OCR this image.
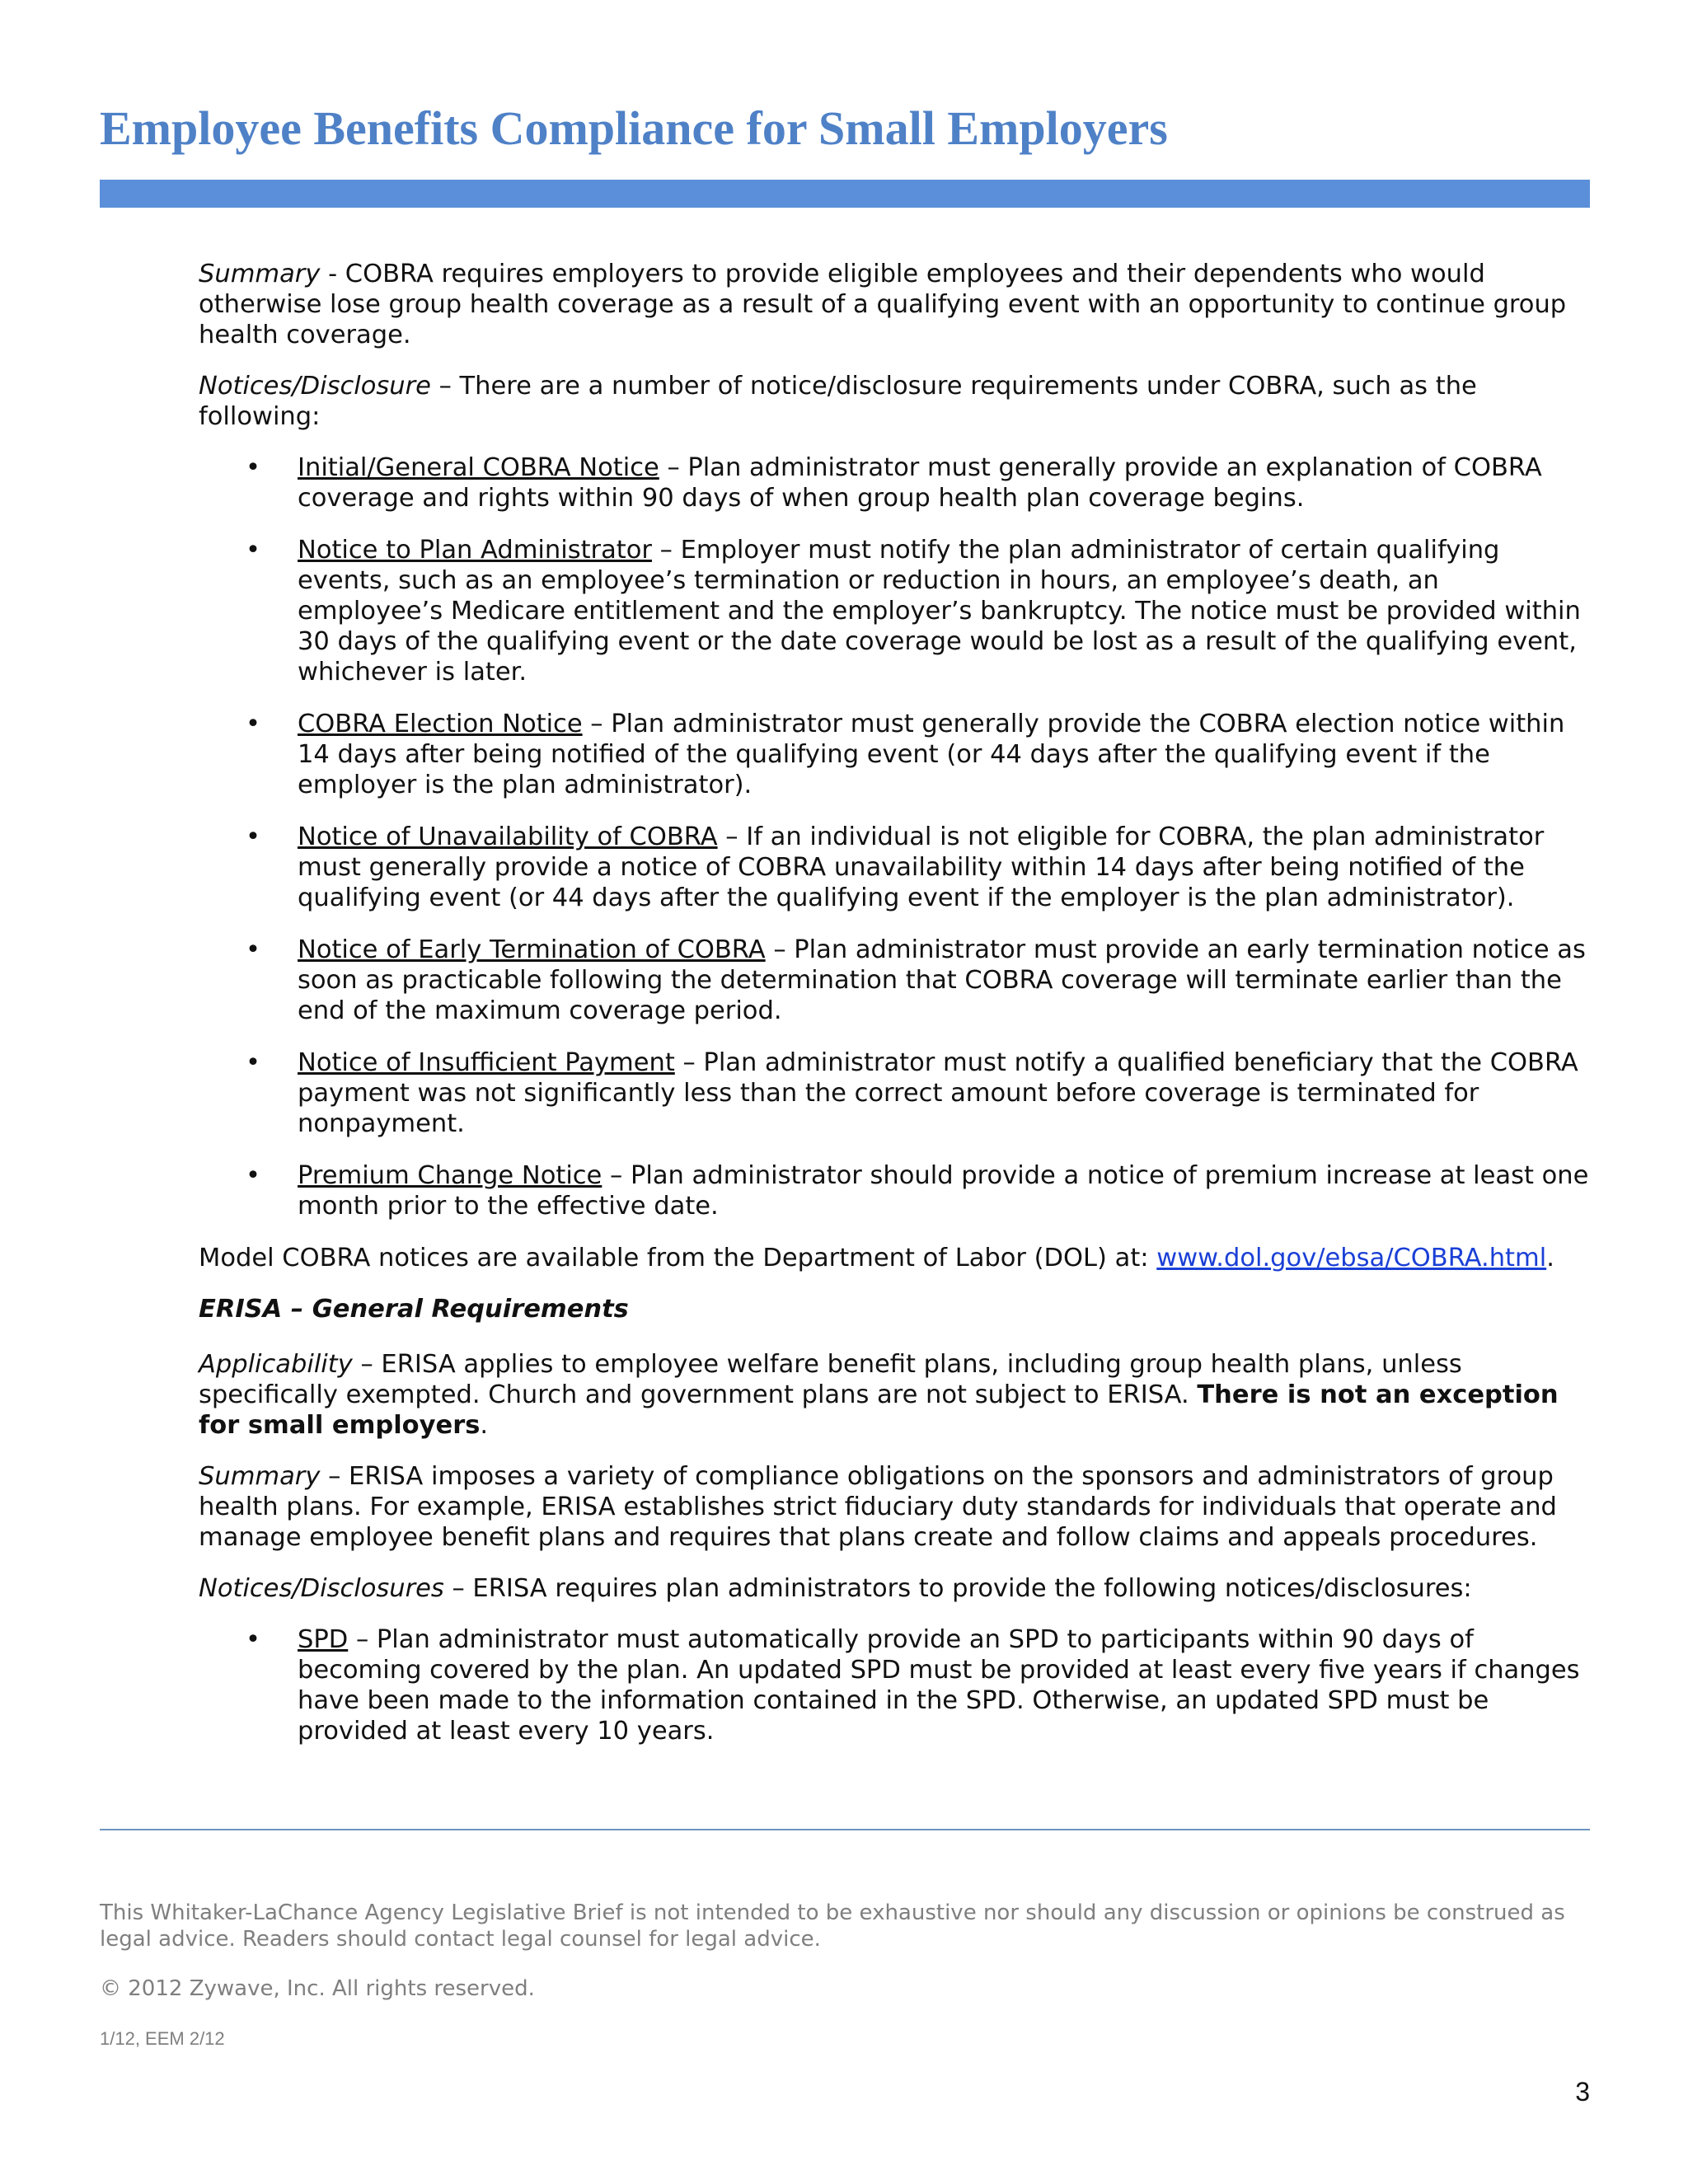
Employee Benefits Compliance for Small Employers

Summary - COBRA requires employers to provide eligible employees and their dependents who would otherwise lose group health coverage as a result of a qualifying event with an opportunity to continue group health coverage.

Notices/Disclosure – There are a number of notice/disclosure requirements under COBRA, such as the following:

• Initial/General COBRA Notice – Plan administrator must generally provide an explanation of COBRA coverage and rights within 90 days of when group health plan coverage begins.
• Notice to Plan Administrator – Employer must notify the plan administrator of certain qualifying events, such as an employee’s termination or reduction in hours, an employee’s death, an employee’s Medicare entitlement and the employer’s bankruptcy. The notice must be provided within 30 days of the qualifying event or the date coverage would be lost as a result of the qualifying event, whichever is later.
• COBRA Election Notice – Plan administrator must generally provide the COBRA election notice within 14 days after being notified of the qualifying event (or 44 days after the qualifying event if the employer is the plan administrator).
• Notice of Unavailability of COBRA – If an individual is not eligible for COBRA, the plan administrator must generally provide a notice of COBRA unavailability within 14 days after being notified of the qualifying event (or 44 days after the qualifying event if the employer is the plan administrator).
• Notice of Early Termination of COBRA – Plan administrator must provide an early termination notice as soon as practicable following the determination that COBRA coverage will terminate earlier than the end of the maximum coverage period.
• Notice of Insufficient Payment – Plan administrator must notify a qualified beneficiary that the COBRA payment was not significantly less than the correct amount before coverage is terminated for nonpayment.
• Premium Change Notice – Plan administrator should provide a notice of premium increase at least one month prior to the effective date.

Model COBRA notices are available from the Department of Labor (DOL) at: www.dol.gov/ebsa/COBRA.html.

ERISA – General Requirements

Applicability – ERISA applies to employee welfare benefit plans, including group health plans, unless specifically exempted. Church and government plans are not subject to ERISA. There is not an exception for small employers.

Summary – ERISA imposes a variety of compliance obligations on the sponsors and administrators of group health plans. For example, ERISA establishes strict fiduciary duty standards for individuals that operate and manage employee benefit plans and requires that plans create and follow claims and appeals procedures.

Notices/Disclosures – ERISA requires plan administrators to provide the following notices/disclosures:

• SPD – Plan administrator must automatically provide an SPD to participants within 90 days of becoming covered by the plan. An updated SPD must be provided at least every five years if changes have been made to the information contained in the SPD. Otherwise, an updated SPD must be provided at least every 10 years.

This Whitaker-LaChance Agency Legislative Brief is not intended to be exhaustive nor should any discussion or opinions be construed as legal advice. Readers should contact legal counsel for legal advice.

© 2012 Zywave, Inc. All rights reserved.

1/12, EEM 2/12

3
